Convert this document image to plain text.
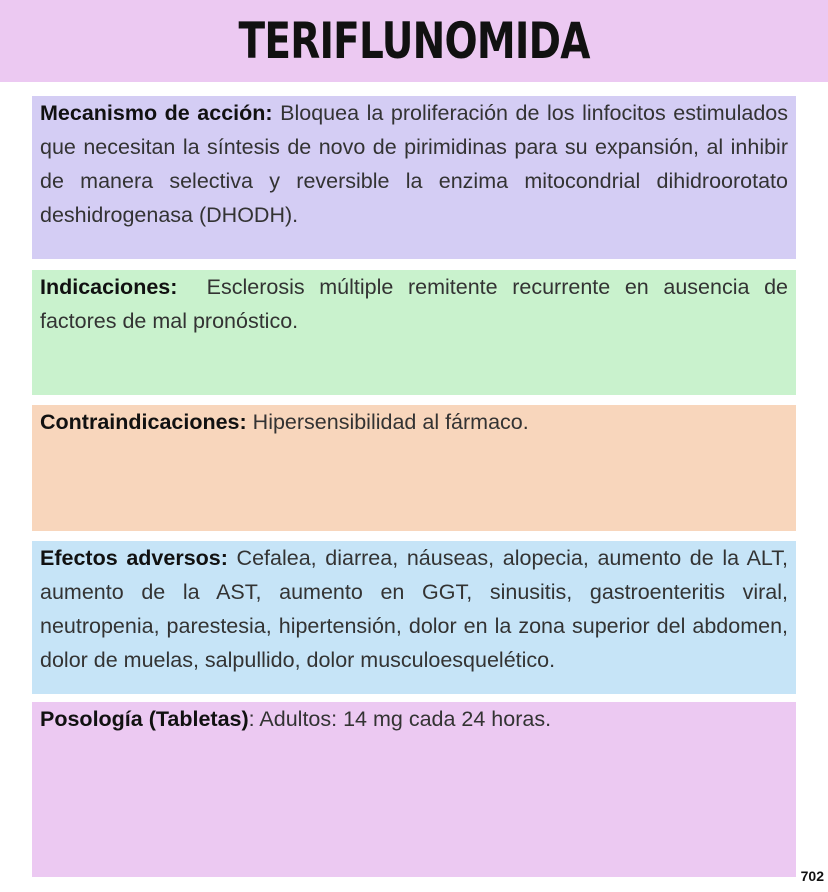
TERIFLUNOMIDA
Mecanismo de acción: Bloquea la proliferación de los linfocitos estimulados que necesitan la síntesis de novo de pirimidinas para su expansión, al inhibir de manera selectiva y reversible la enzima mitocondrial dihidroorotato deshidrogenasa (DHODH).
Indicaciones:  Esclerosis múltiple remitente recurrente en ausencia de factores de mal pronóstico.
Contraindicaciones: Hipersensibilidad al fármaco.
Efectos adversos: Cefalea, diarrea, náuseas, alopecia, aumento de la ALT, aumento de la AST, aumento en GGT, sinusitis, gastroenteritis viral, neutropenia, parestesia, hipertensión, dolor en la zona superior del abdomen, dolor de muelas, salpullido, dolor musculoesquelético.
Posología (Tabletas): Adultos: 14 mg cada 24 horas.
702
